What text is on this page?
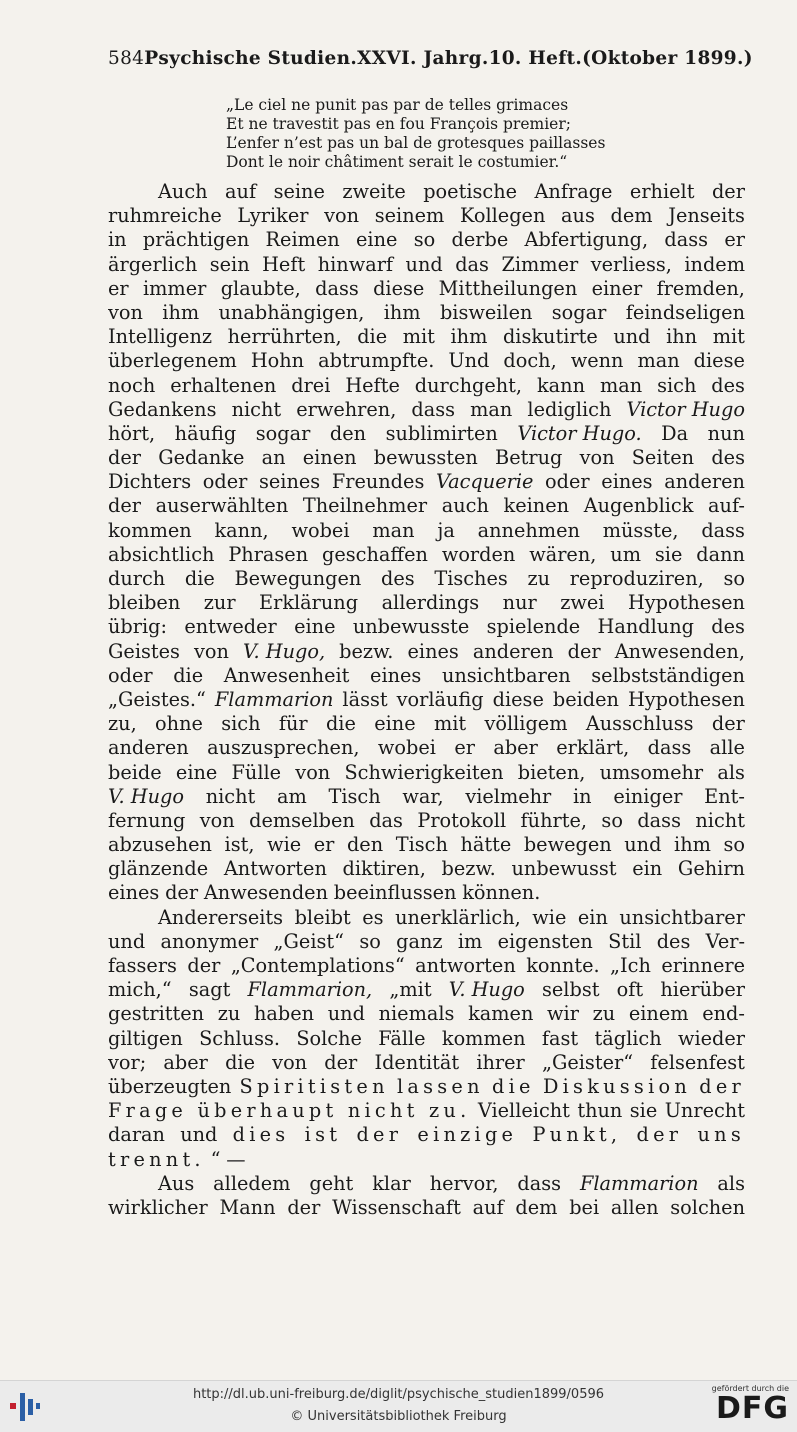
584 Psychische Studien. XXVI. Jahrg. 10. Heft. (Oktober 1899.)
„Le ciel ne punit pas par de telles grimaces
Et ne travestit pas en fou François premier;
L’enfer n’est pas un bal de grotesques paillasses
Dont le noir châtiment serait le costumier.“
Auch auf seine zweite poetische Anfrage erhielt der
ruhmreiche Lyriker von seinem Kollegen aus dem Jenseits
in prächtigen Reimen eine so derbe Abfertigung, dass er
ärgerlich sein Heft hinwarf und das Zimmer verliess, indem
er immer glaubte, dass diese Mittheilungen einer fremden,
von ihm unabhängigen, ihm bisweilen sogar feindseligen
Intelligenz herrührten, die mit ihm diskutirte und ihn mit
überlegenem Hohn abtrumpfte. Und doch, wenn man diese
noch erhaltenen drei Hefte durchgeht, kann man sich des
Gedankens nicht erwehren, dass man lediglich Victor Hugo
hört, häufig sogar den sublimirten Victor Hugo. Da nun
der Gedanke an einen bewussten Betrug von Seiten des
Dichters oder seines Freundes Vacquerie oder eines anderen
der auserwählten Theilnehmer auch keinen Augenblick auf-
kommen kann, wobei man ja annehmen müsste, dass
absichtlich Phrasen geschaffen worden wären, um sie dann
durch die Bewegungen des Tisches zu reproduziren, so
bleiben zur Erklärung allerdings nur zwei Hypothesen
übrig: entweder eine unbewusste spielende Handlung des
Geistes von V. Hugo, bezw. eines anderen der Anwesenden,
oder die Anwesenheit eines unsichtbaren selbstständigen
„Geistes.“ Flammarion lässt vorläufig diese beiden Hypothesen
zu, ohne sich für die eine mit völligem Ausschluss der
anderen auszusprechen, wobei er aber erklärt, dass alle
beide eine Fülle von Schwierigkeiten bieten, umsomehr als
V. Hugo nicht am Tisch war, vielmehr in einiger Ent-
fernung von demselben das Protokoll führte, so dass nicht
abzusehen ist, wie er den Tisch hätte bewegen und ihm so
glänzende Antworten diktiren, bezw. unbewusst ein Gehirn
eines der Anwesenden beeinflussen können.
Andererseits bleibt es unerklärlich, wie ein unsichtbarer
und anonymer „Geist“ so ganz im eigensten Stil des Ver-
fassers der „Contemplations“ antworten konnte. „Ich erinnere
mich,“ sagt Flammarion, „mit V. Hugo selbst oft hierüber
gestritten zu haben und niemals kamen wir zu einem end-
giltigen Schluss. Solche Fälle kommen fast täglich wieder
vor; aber die von der Identität ihrer „Geister“ felsenfest
überzeugten Spiritisten lassen die Diskussion der
Frage überhaupt nicht zu. Vielleicht thun sie Unrecht
daran und dies ist der einzige Punkt, der uns
trennt. “ —
Aus alledem geht klar hervor, dass Flammarion als
wirklicher Mann der Wissenschaft auf dem bei allen solchen
http://dl.ub.uni-freiburg.de/diglit/psychische_studien1899/0596
© Universitätsbibliothek Freiburg
gefördert durch die
DFG
